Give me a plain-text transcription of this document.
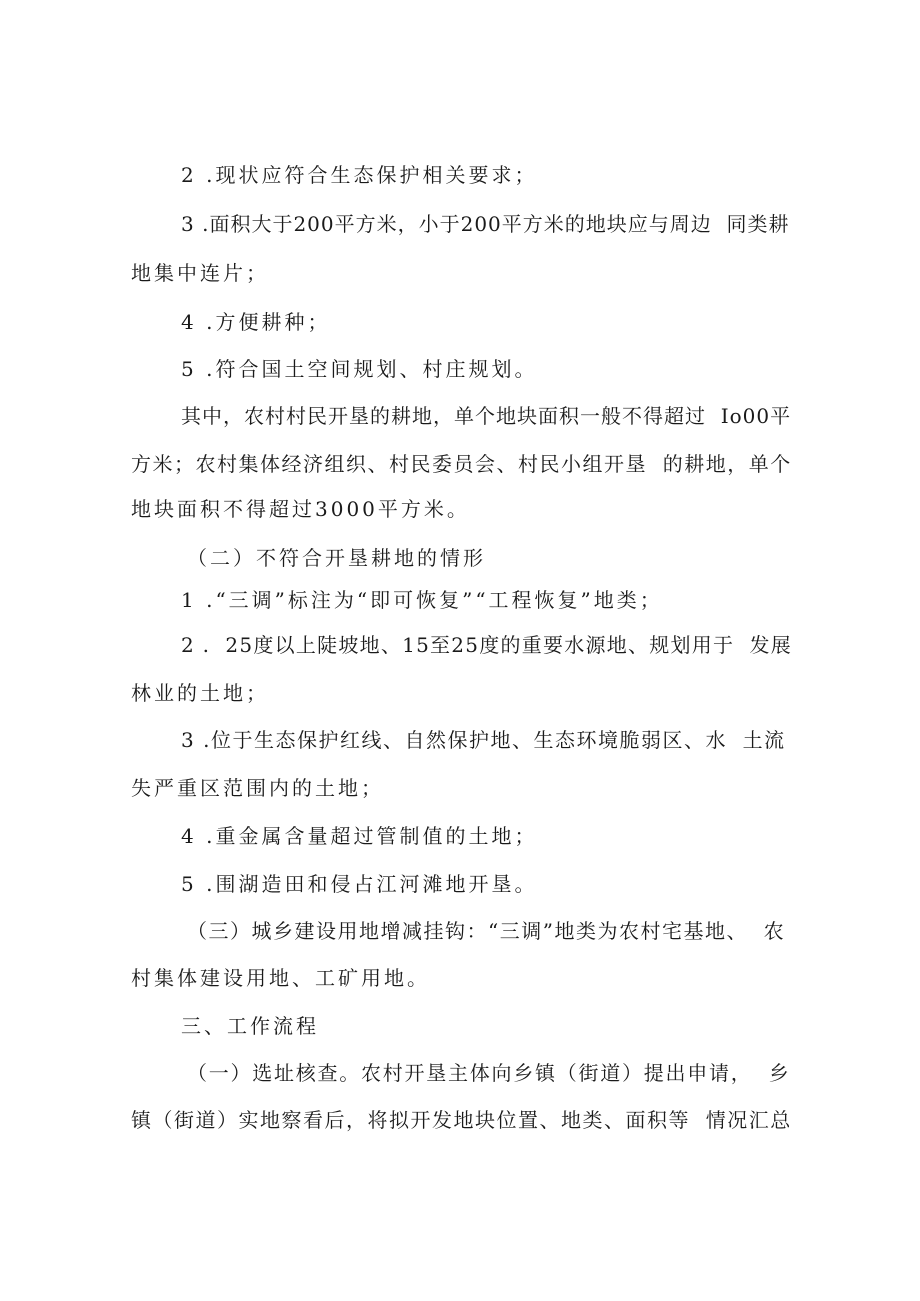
2 .现状应符合生态保护相关要求；
3 .面积大于200平方米，小于200平方米的地块应与周边  同类耕
地集中连片；
4 .方便耕种；
5 .符合国土空间规划、村庄规划。
其中，农村村民开垦的耕地，单个地块面积一般不得超过  Io00平
方米；农村集体经济组织、村民委员会、村民小组开垦  的耕地，单个
地块面积不得超过3000平方米。
（二）不符合开垦耕地的情形
1 .“三调”标注为“即可恢复”“工程恢复”地类；
2 .  25度以上陡坡地、15至25度的重要水源地、规划用于  发展
林业的土地；
3 .位于生态保护红线、自然保护地、生态环境脆弱区、水  土流
失严重区范围内的土地；
4 .重金属含量超过管制值的土地；
5 .围湖造田和侵占江河滩地开垦。
（三）城乡建设用地增减挂钩：“三调”地类为农村宅基地、  农
村集体建设用地、工矿用地。
三、工作流程
（一）选址核查。农村开垦主体向乡镇（街道）提出申请，  乡
镇（街道）实地察看后，将拟开发地块位置、地类、面积等  情况汇总
